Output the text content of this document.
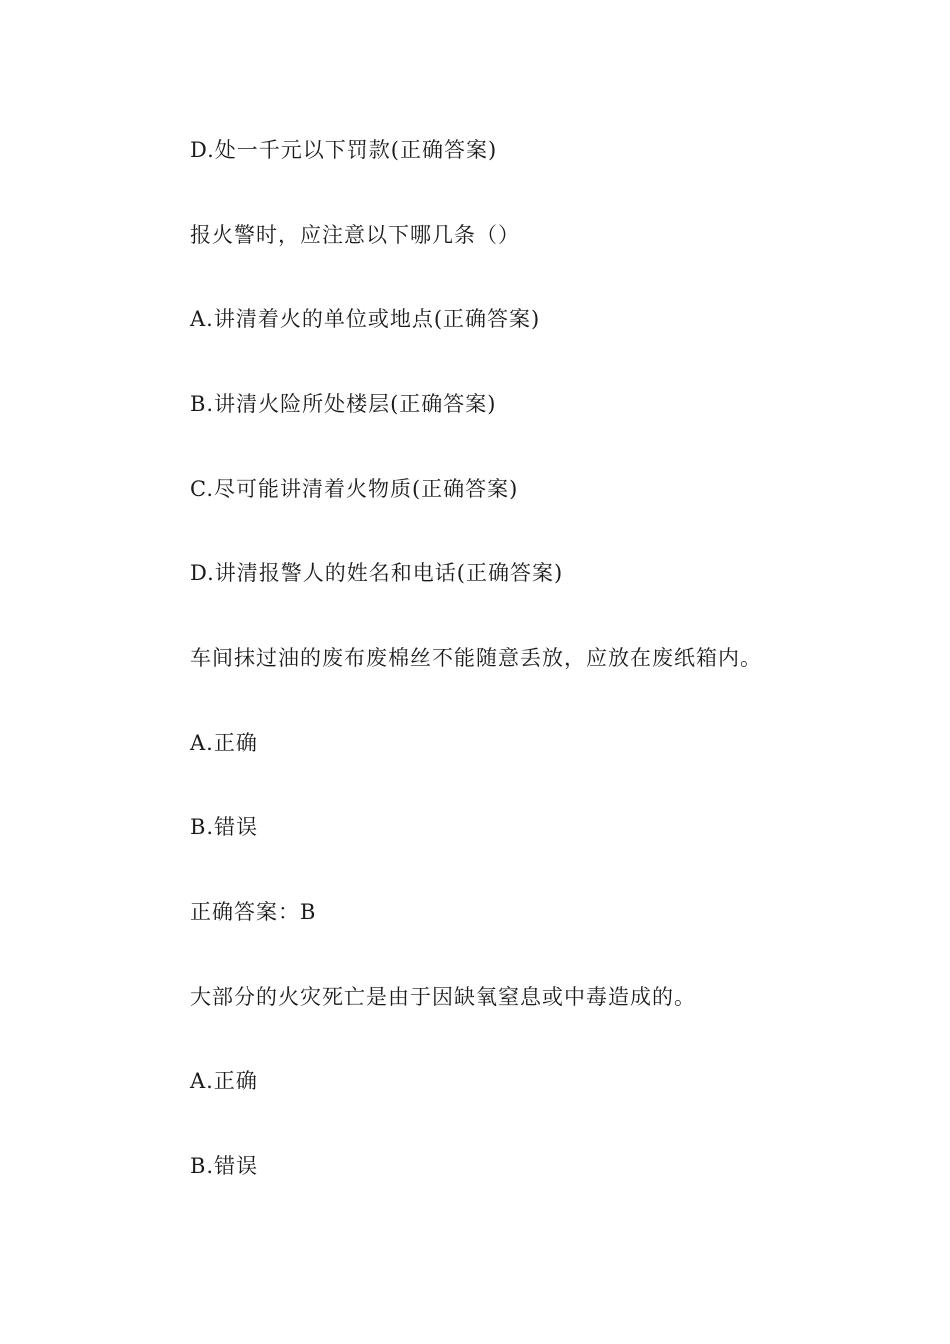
D.处一千元以下罚款(正确答案)
报火警时，应注意以下哪几条（）
A.讲清着火的单位或地点(正确答案)
B.讲清火险所处楼层(正确答案)
C.尽可能讲清着火物质(正确答案)
D.讲清报警人的姓名和电话(正确答案)
车间抹过油的废布废棉丝不能随意丢放，应放在废纸箱内。
A.正确
B.错误
正确答案：B
大部分的火灾死亡是由于因缺氧窒息或中毒造成的。
A.正确
B.错误
